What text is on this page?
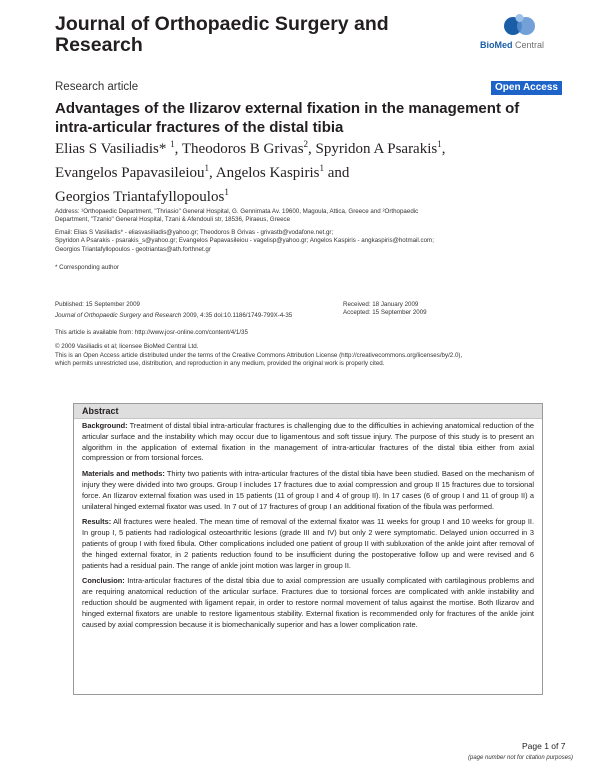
Journal of Orthopaedic Surgery and
Research	BioMed Central
Research article	Open Access
Advantages of the Ilizarov external fixation in the management of
intra-articular fractures of the distal tibia
Elias S Vasiliadis* $^1$, Theodoros B Grivas$^2$, Spyridon A Psarakis$^1$,
Evangelos Papavasileiou$^1$, Angelos Kaspiris$^1$ and
Georgios Triantafyllopoulos$^1$

Address: ¹Orthopaedic Department, "Thriasio" General Hospital, G. Gennimata Av. 19600, Magoula, Attica, Greece and ²Orthopaedic

Department, "Tzanio" General Hospital, Tzani & Afendouli str, 18536, Piraeus, Greece

Email: Elias S Vasiliadis* - eliasvasiliadis@yahoo.gr; Theodoros B Grivas - grivastb@vodafone.net.gr;

Spyridon A Psarakis - psarakis_s@yahoo.gr; Evangelos Papavasileiou - vagelisp@yahoo.gr; Angelos Kaspiris - angkaspiris@hotmail.com;

Georgios Triantafyllopoulos - geotriantas@ath.forthnet.gr

* Corresponding author

Published: 15 September 2009

Journal of Orthopaedic Surgery and Research 2009, 4:35 doi:10.1186/1749-799X-4-35

Received: 18 January 2009

Accepted: 15 September 2009

This article is available from: http://www.josr-online.com/content/4/1/35
© 2009 Vasiliadis et al; licensee BioMed Central Ltd.

This is an Open Access article distributed under the terms of the Creative Commons Attribution License (http://creativecommons.org/licenses/by/2.0),

which permits unrestricted use, distribution, and reproduction in any medium, provided the original work is properly cited.

Abstract

Background: Treatment of distal tibial intra-articular fractures is challenging due to the difficulties in achieving anatomical reduction of the articular surface and the instability which may occur due to ligamentous and soft tissue injury. The purpose of this study is to present an algorithm in the application of external fixation in the management of intra-articular fractures of the distal tibia either from axial compression or from torsional forces.

Materials and methods: Thirty two patients with intra-articular fractures of the distal tibia have been studied. Based on the mechanism of injury they were divided into two groups. Group I includes 17 fractures due to axial compression and group II 15 fractures due to torsional force. An Ilizarov external fixation was used in 15 patients (11 of group I and 4 of group II). In 17 cases (6 of group I and 11 of group II) a unilateral hinged external fixator was used. In 7 out of 17 fractures of group I an additional fixation of the fibula was performed.

Results: All fractures were healed. The mean time of removal of the external fixator was 11 weeks for group I and 10 weeks for group II. In group I, 5 patients had radiological osteoarthritic lesions (grade III and IV) but only 2 were symptomatic. Delayed union occurred in 3 patients of group I with fixed fibula. Other complications included one patient of group II with subluxation of the ankle joint after removal of the hinged external fixator, in 2 patients reduction found to be insufficient during the postoperative follow up and were revised and 6 patients had a residual pain. The range of ankle joint motion was larger in group II.

Conclusion: Intra-articular fractures of the distal tibia due to axial compression are usually complicated with cartilaginous problems and are requiring anatomical reduction of the articular surface. Fractures due to torsional forces are complicated with ankle instability and reduction should be augmented with ligament repair, in order to restore normal movement of talus against the mortise. Both Ilizarov and hinged external fixators are unable to restore ligamentous stability. External fixation is recommended only for fractures of the ankle joint caused by axial compression because it is biomechanically superior and has a lower complication rate.

Page 1 of 7
(page number not for citation purposes)
